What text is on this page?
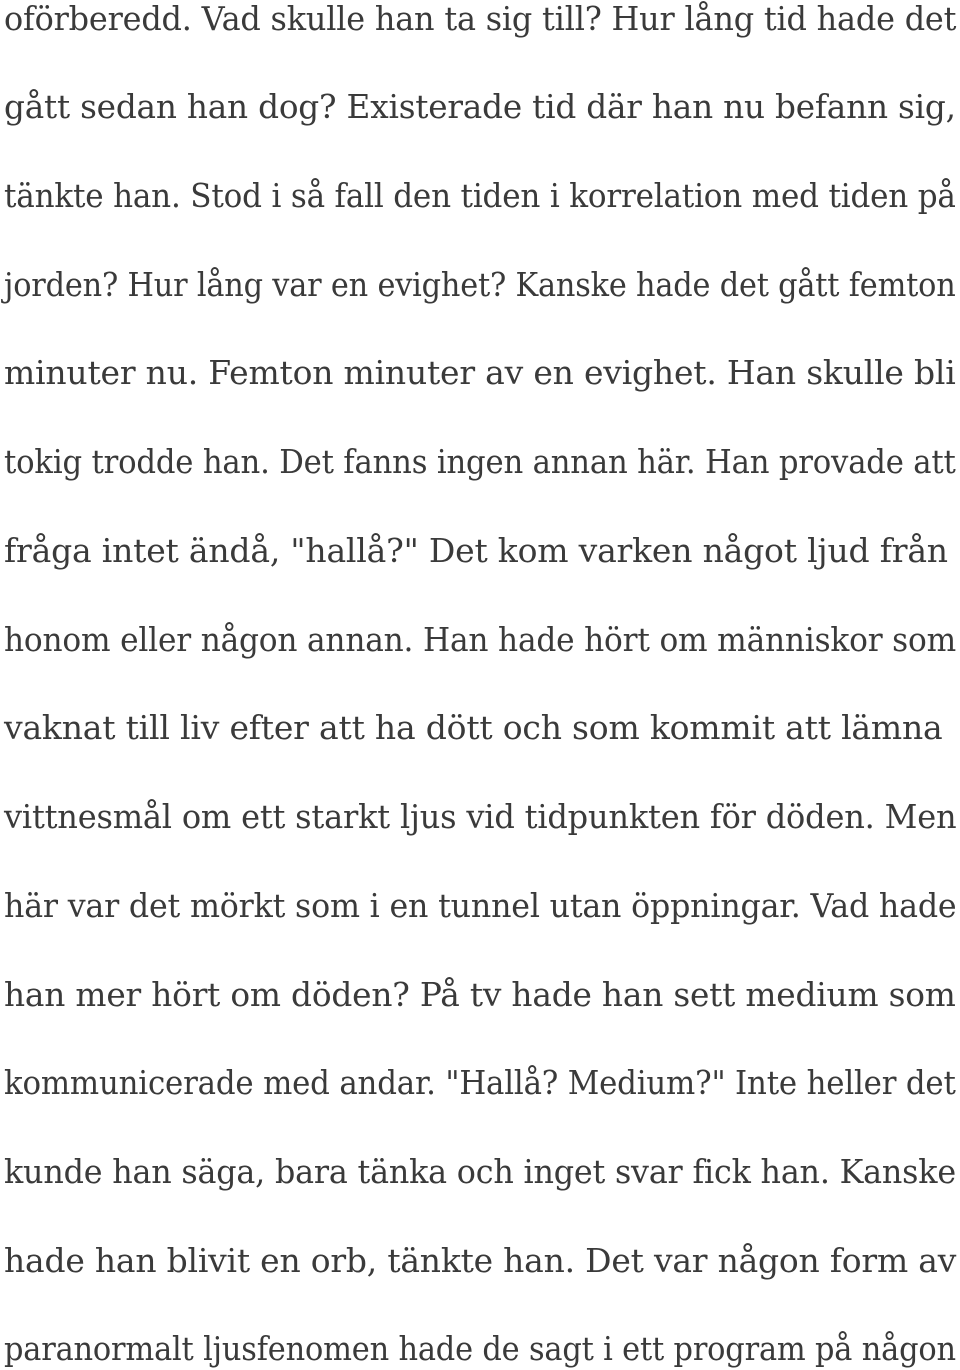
oförberedd. Vad skulle han ta sig till? Hur lång tid hade det
gått sedan han dog? Existerade tid där han nu befann sig,
tänkte han. Stod i så fall den tiden i korrelation med tiden på
jorden? Hur lång var en evighet? Kanske hade det gått femton
minuter nu. Femton minuter av en evighet. Han skulle bli
tokig trodde han. Det fanns ingen annan här. Han provade att
fråga intet ändå, "hallå?" Det kom varken något ljud från
honom eller någon annan. Han hade hört om människor som
vaknat till liv efter att ha dött och som kommit att lämna
vittnesmål om ett starkt ljus vid tidpunkten för döden. Men
här var det mörkt som i en tunnel utan öppningar. Vad hade
han mer hört om döden? På tv hade han sett medium som
kommunicerade med andar. "Hallå? Medium?" Inte heller det
kunde han säga, bara tänka och inget svar fick han. Kanske
hade han blivit en orb, tänkte han. Det var någon form av
paranormalt ljusfenomen hade de sagt i ett program på någon
